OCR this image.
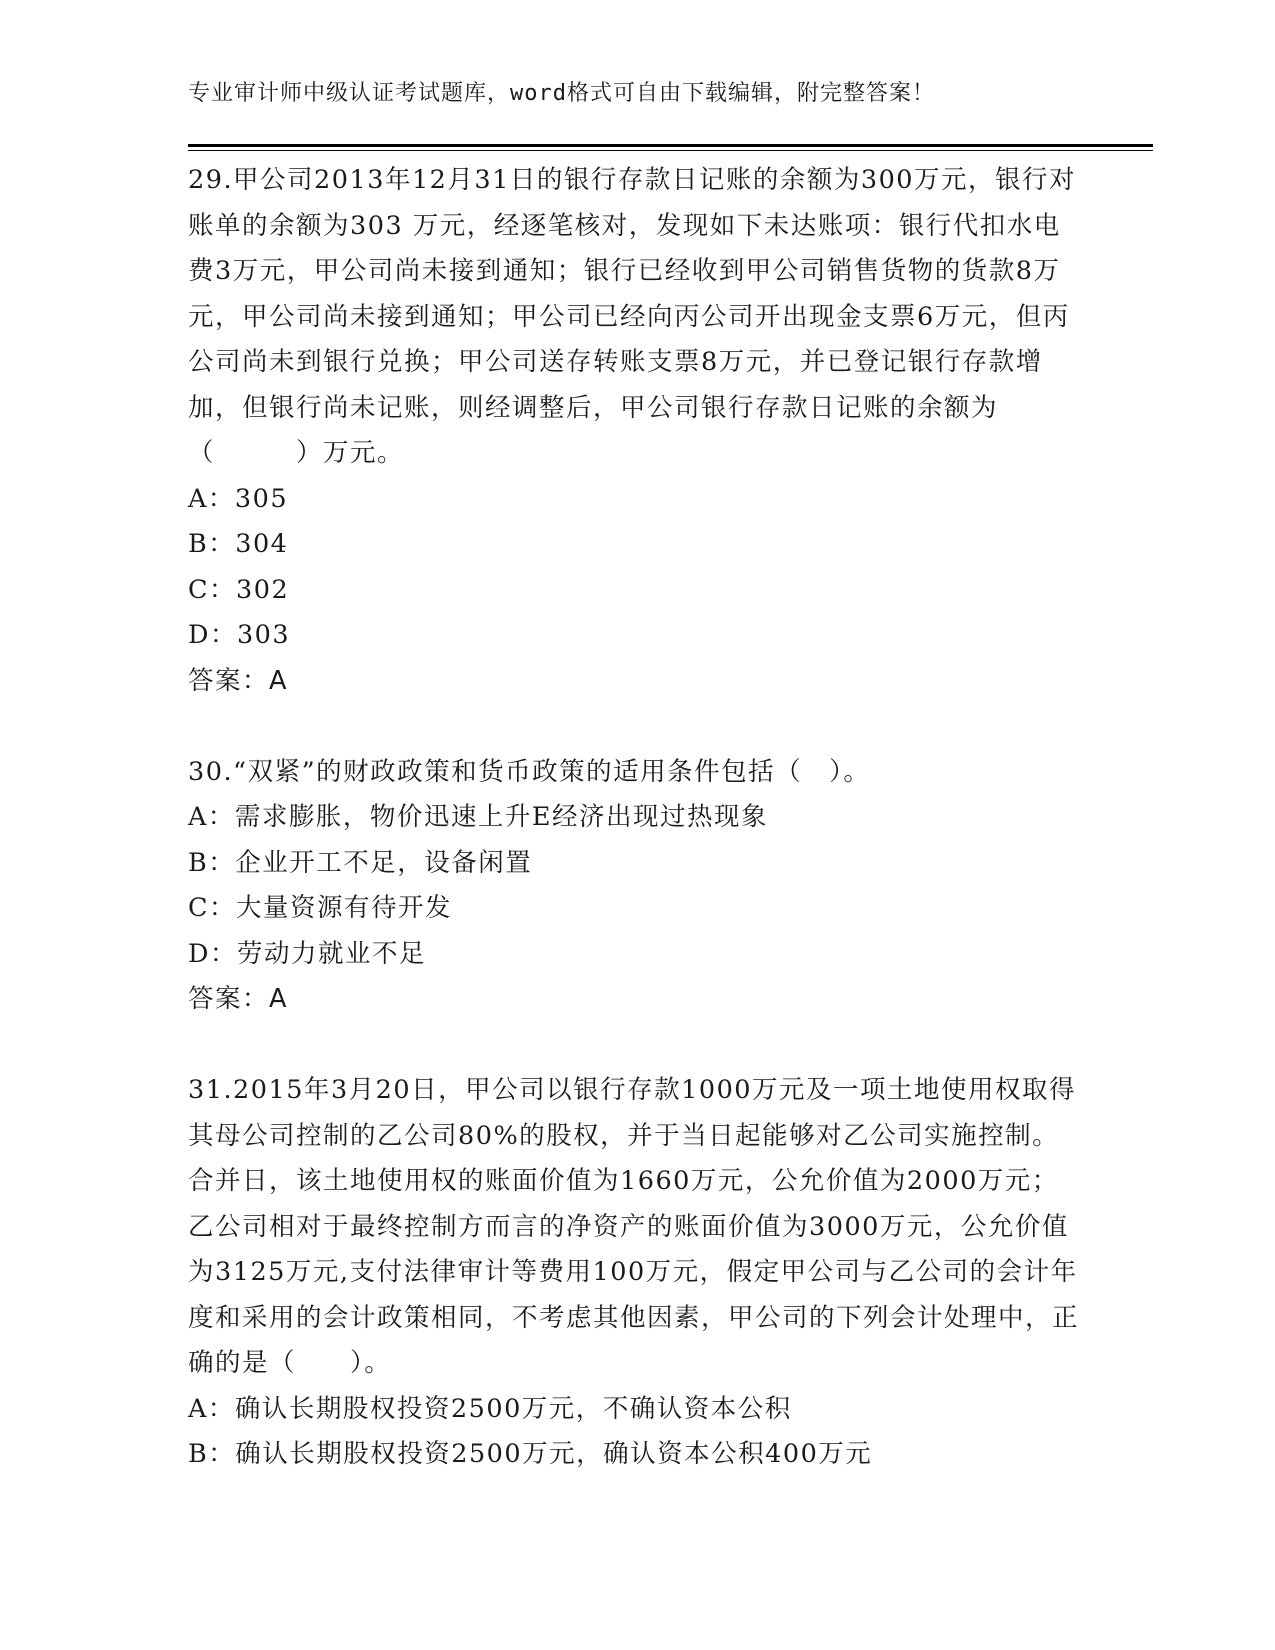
专业审计师中级认证考试题库，word格式可自由下载编辑，附完整答案！

29.甲公司2013年12月31日的银行存款日记账的余额为300万元，银行对账单的余额为303 万元，经逐笔核对，发现如下未达账项：银行代扣水电费3万元，甲公司尚未接到通知；银行已经收到甲公司销售货物的货款8万元，甲公司尚未接到通知；甲公司已经向丙公司开出现金支票6万元，但丙公司尚未到银行兑换；甲公司送存转账支票8万元，并已登记银行存款增加，但银行尚未记账，则经调整后，甲公司银行存款日记账的余额为（　　　）万元。

A：305

B：304

C：302

D：303

答案：A

30.“双紧”的财政政策和货币政策的适用条件包括（　）。

A：需求膨胀，物价迅速上升E经济出现过热现象

B：企业开工不足，设备闲置

C：大量资源有待开发

D：劳动力就业不足

答案：A

31.2015年3月20日，甲公司以银行存款1000万元及一项土地使用权取得其母公司控制的乙公司80%的股权，并于当日起能够对乙公司实施控制。合并日，该土地使用权的账面价值为1660万元，公允价值为2000万元；乙公司相对于最终控制方而言的净资产的账面价值为3000万元，公允价值为3125万元,支付法律审计等费用100万元，假定甲公司与乙公司的会计年度和采用的会计政策相同，不考虑其他因素，甲公司的下列会计处理中，正确的是（　　）。

A：确认长期股权投资2500万元，不确认资本公积

B：确认长期股权投资2500万元，确认资本公积400万元
